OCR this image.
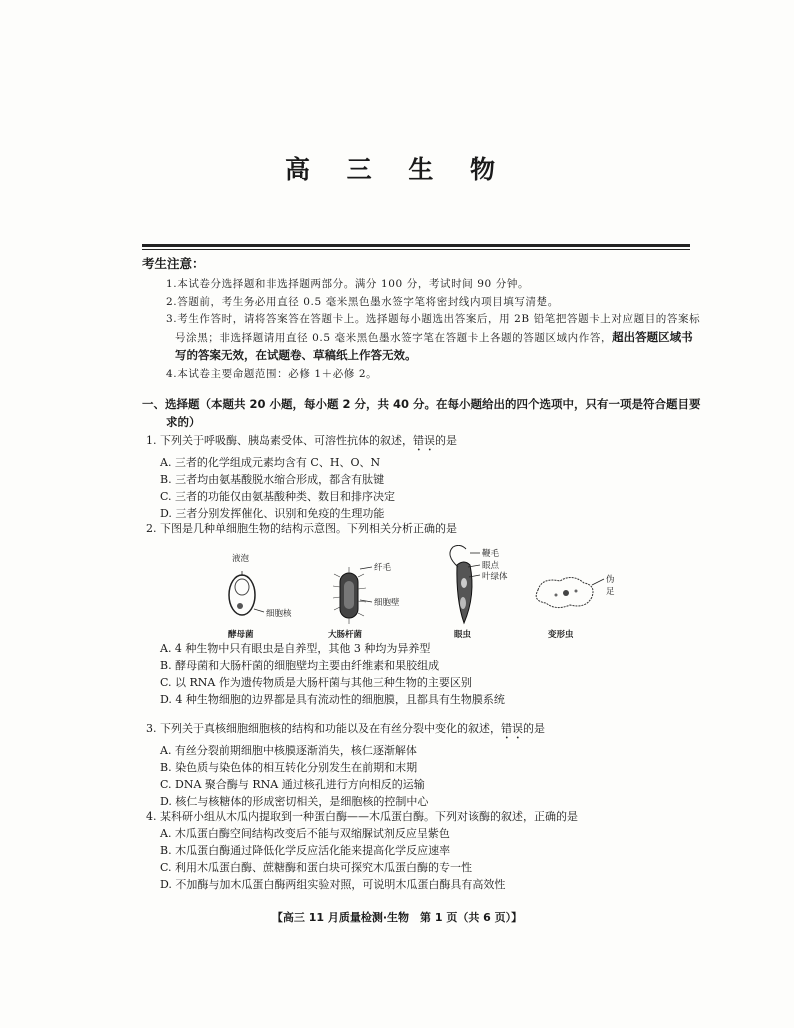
高 三 生 物
考生注意：
1.本试卷分选择题和非选择题两部分。满分 100 分，考试时间 90 分钟。
2.答题前，考生务必用直径 0.5 毫米黑色墨水签字笔将密封线内项目填写清楚。
3.考生作答时，请将答案答在答题卡上。选择题每小题选出答案后，用 2B 铅笔把答题卡上对应题目的答案标号涂黑；非选择题请用直径 0.5 毫米黑色墨水签字笔在答题卡上各题的答题区域内作答，超出答题区域书写的答案无效，在试题卷、草稿纸上作答无效。
4.本试卷主要命题范围：必修 1＋必修 2。
一、选择题（本题共 20 小题，每小题 2 分，共 40 分。在每小题给出的四个选项中，只有一项是符合题目要
求的）
1. 下列关于呼吸酶、胰岛素受体、可溶性抗体的叙述，错误的是
A. 三者的化学组成元素均含有 C、H、O、N
B. 三者均由氨基酸脱水缩合形成，都含有肽键
C. 三者的功能仅由氨基酸种类、数目和排序决定
D. 三者分别发挥催化、识别和免疫的生理功能
2. 下图是几种单细胞生物的结构示意图。下列相关分析正确的是
液泡
细胞核
酵母菌
纤毛
细胞壁
大肠杆菌
鞭毛
眼点
叶绿体
眼虫
伪足
变形虫
A. 4 种生物中只有眼虫是自养型，其他 3 种均为异养型
B. 酵母菌和大肠杆菌的细胞壁均主要由纤维素和果胶组成
C. 以 RNA 作为遗传物质是大肠杆菌与其他三种生物的主要区别
D. 4 种生物细胞的边界都是具有流动性的细胞膜，且都具有生物膜系统
3. 下列关于真核细胞细胞核的结构和功能以及在有丝分裂中变化的叙述，错误的是
A. 有丝分裂前期细胞中核膜逐渐消失，核仁逐渐解体
B. 染色质与染色体的相互转化分别发生在前期和末期
C. DNA 聚合酶与 RNA 通过核孔进行方向相反的运输
D. 核仁与核糖体的形成密切相关，是细胞核的控制中心
4. 某科研小组从木瓜内提取到一种蛋白酶——木瓜蛋白酶。下列对该酶的叙述，正确的是
A. 木瓜蛋白酶空间结构改变后不能与双缩脲试剂反应呈紫色
B. 木瓜蛋白酶通过降低化学反应活化能来提高化学反应速率
C. 利用木瓜蛋白酶、蔗糖酶和蛋白块可探究木瓜蛋白酶的专一性
D. 不加酶与加木瓜蛋白酶两组实验对照，可说明木瓜蛋白酶具有高效性
【高三 11 月质量检测·生物　第 1 页（共 6 页）】
